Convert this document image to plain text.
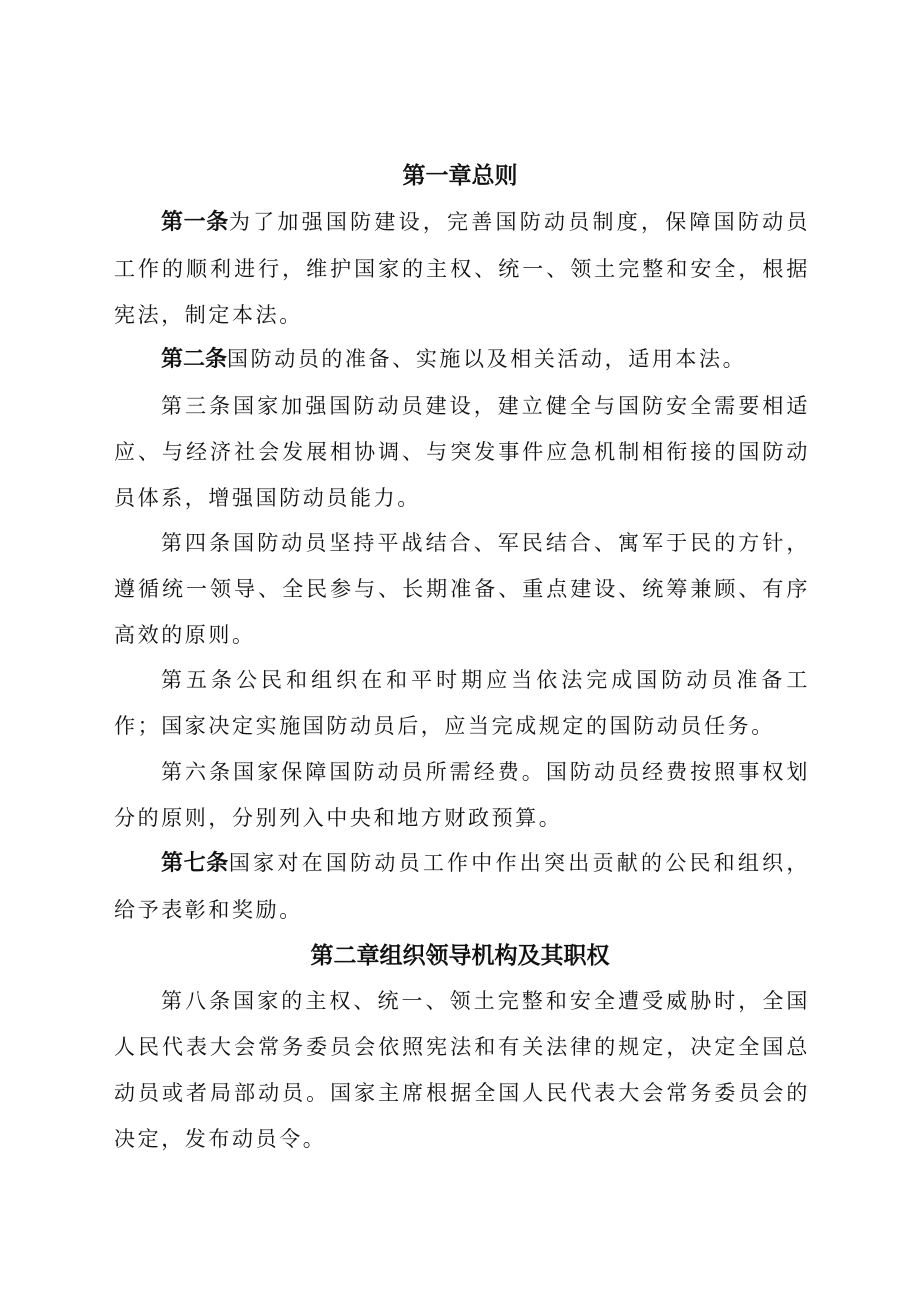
第一章总则

第一条为了加强国防建设，完善国防动员制度，保障国防动员工作的顺利进行，维护国家的主权、统一、领土完整和安全，根据宪法，制定本法。

第二条国防动员的准备、实施以及相关活动，适用本法。

第三条国家加强国防动员建设，建立健全与国防安全需要相适应、与经济社会发展相协调、与突发事件应急机制相衔接的国防动员体系，增强国防动员能力。

第四条国防动员坚持平战结合、军民结合、寓军于民的方针，遵循统一领导、全民参与、长期准备、重点建设、统筹兼顾、有序高效的原则。

第五条公民和组织在和平时期应当依法完成国防动员准备工作；国家决定实施国防动员后，应当完成规定的国防动员任务。

第六条国家保障国防动员所需经费。国防动员经费按照事权划分的原则，分别列入中央和地方财政预算。

第七条国家对在国防动员工作中作出突出贡献的公民和组织，给予表彰和奖励。

第二章组织领导机构及其职权

第八条国家的主权、统一、领土完整和安全遭受威胁时，全国人民代表大会常务委员会依照宪法和有关法律的规定，决定全国总动员或者局部动员。国家主席根据全国人民代表大会常务委员会的决定，发布动员令。
